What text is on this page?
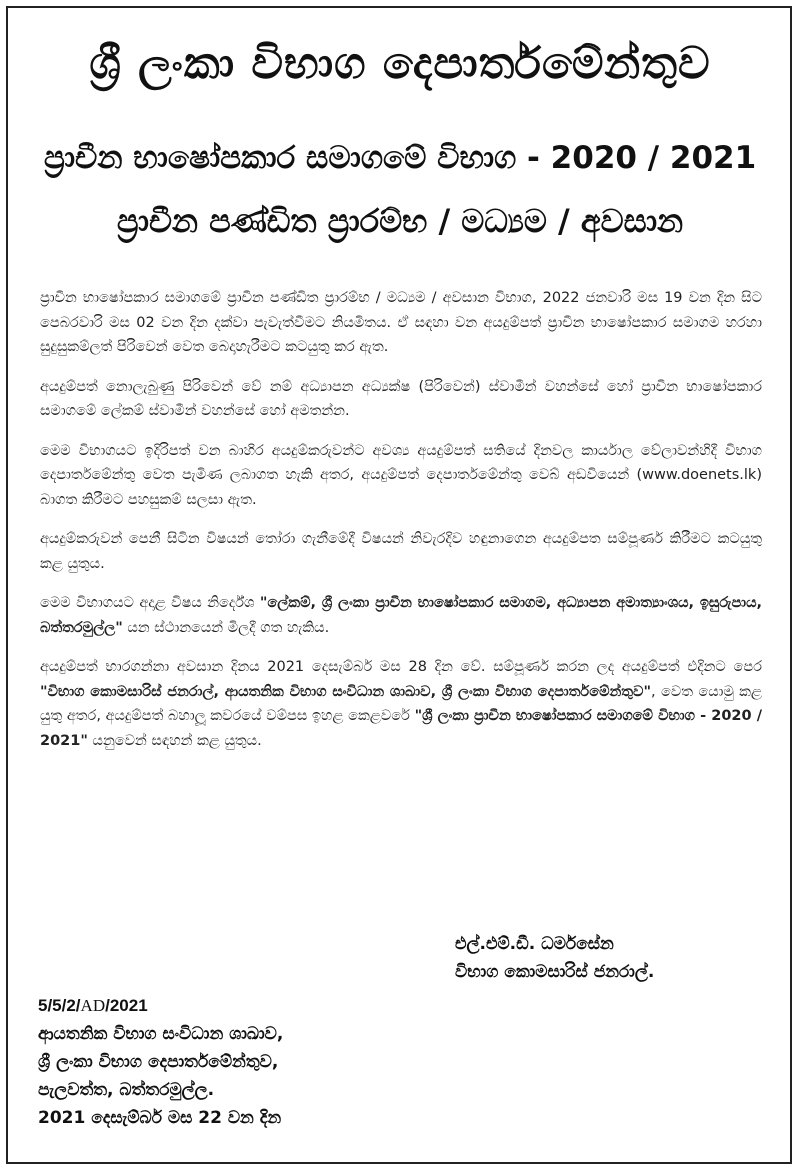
ශ්‍රී ලංකා විභාග දෙපාර්තමේන්තුව
ප්‍රාචීන භාෂෝපකාර සමාගමේ විභාග - 2020 / 2021
ප්‍රාචීන පණ්ඩිත ප්‍රාරම්භ / මධ්‍යම / අවසාන

ප්‍රාචීන භාෂෝපකාර සමාගමේ ප්‍රාචීන පණ්ඩිත ප්‍රාරම්භ / මධ්‍යම / අවසාන විභාග, 2022 ජනවාරි මස 19 වන දින සිට පෙබරවාරි මස 02 වන දින දක්වා පැවැත්වීමට නියමිතය. ඒ සඳහා වන අයදුම්පත් ප්‍රාචීන භාෂෝපකාර සමාගම හරහා සුදුසුකම්ලත් පිරිවෙන් වෙත බෙදාහැරීමට කටයුතු කර ඇත.

අයදුම්පත් නොලැබුණු පිරිවෙන් වේ නම් අධ්‍යාපන අධ්‍යක්ෂ (පිරිවෙන්) ස්වාමීන් වහන්සේ හෝ ප්‍රාචීන භාෂෝපකාර සමාගමේ ලේකම් ස්වාමීන් වහන්සේ හෝ අමතන්න.

මෙම විභාගයට ඉදිරිපත් වන බාහිර අයදුම්කරුවන්ට අවශ්‍ය අයදුම්පත් සතියේ දිනවල කාර්යාල වේලාවන්හිදී විභාග දෙපාර්තමේන්තු වෙත පැමිණ ලබාගත හැකි අතර, අයදුම්පත් දෙපාර්තමේන්තු වෙබ් අඩවියෙන් (www.doenets.lk) බාගත කිරීමට පහසුකම් සලසා ඇත.

අයදුම්කරුවන් පෙනී සිටින විෂයන් තෝරා ගැනීමේදී විෂයන් නිවැරදිව හඳුනාගෙන අයදුම්පත සම්පූර්ණ කිරීමට කටයුතු කළ යුතුය.

මෙම විභාගයට අදාළ විෂය නිර්දේශ "ලේකම්, ශ්‍රී ලංකා ප්‍රාචීන භාෂෝපකාර සමාගම, අධ්‍යාපන අමාත්‍යාංශය, ඉසුරුපාය, බත්තරමුල්ල" යන ස්ථානයෙන් මිලදී ගත හැකිය.

අයදුම්පත් භාරගන්නා අවසාන දිනය 2021 දෙසැම්බර් මස 28 දින වේ. සම්පූර්ණ කරන ලද අයදුම්පත් එදිනට පෙර "විභාග කොමසාරිස් ජනරාල්, ආයතනික විභාග සංවිධාන ශාඛාව, ශ්‍රී ලංකා විභාග දෙපාර්තමේන්තුව", වෙත යොමු කළ යුතු අතර, අයදුම්පත් බහාලූ කවරයේ වම්පස ඉහළ කෙළවරේ "ශ්‍රී ලංකා ප්‍රාචීන භාෂෝපකාර සමාගමේ විභාග - 2020 / 2021" යනුවෙන් සඳහන් කළ යුතුය.

එල්.එම්.ඩී. ධර්මසේන
විභාග කොමසාරිස් ජනරාල්.
5/5/2/AD/2021
ආයතනික විභාග සංවිධාන ශාඛාව,
ශ්‍රී ලංකා විභාග දෙපාර්තමේන්තුව,
පැලවත්ත, බත්තරමුල්ල.
2021 දෙසැම්බර් මස 22 වන දින
